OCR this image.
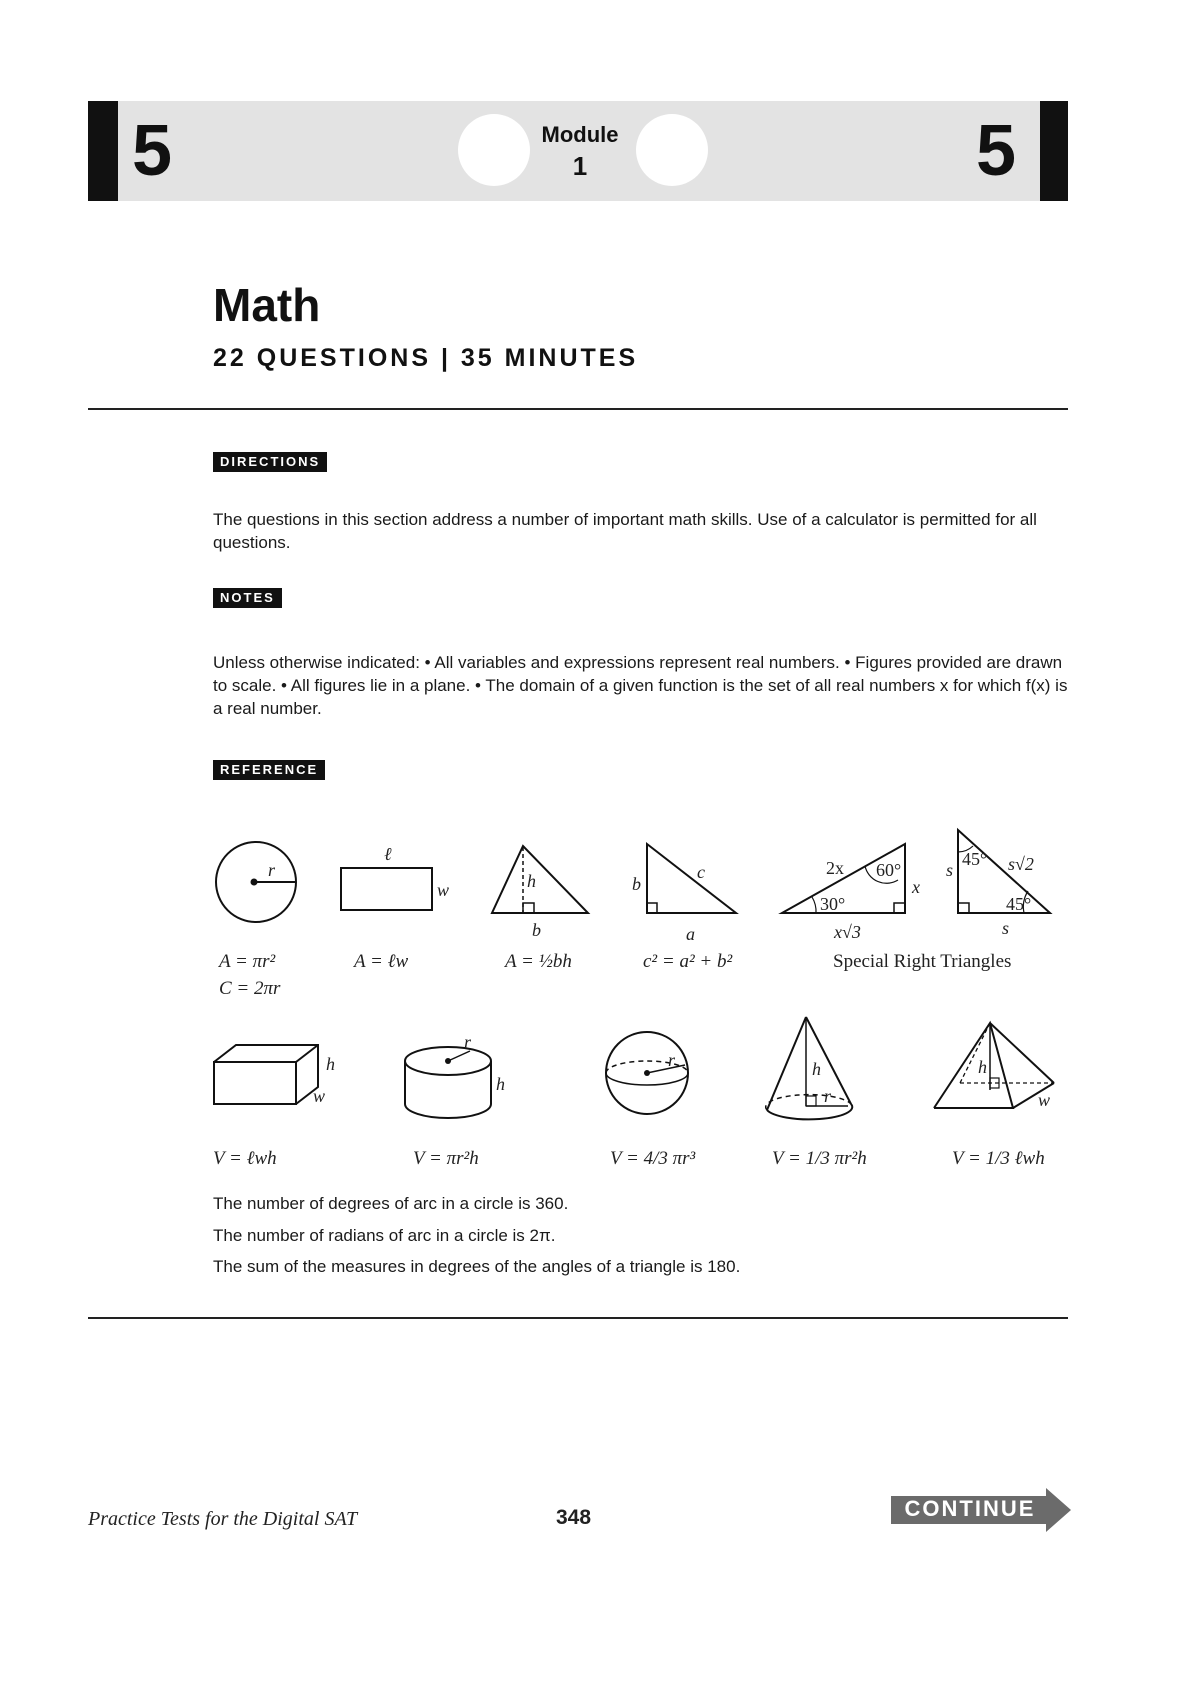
5	5
Module
1
Math
22 QUESTIONS | 35 MINUTES
DIRECTIONS
The questions in this section address a number of important math skills. Use of a calculator is permitted for all questions.
NOTES
Unless otherwise indicated: • All variables and expressions represent real numbers. • Figures provided are drawn to scale. • All figures lie in a plane. • The domain of a given function is the set of all real numbers x for which f(x) is a real number.
REFERENCE
r
ℓ
w	h
b
b
c
a
2x 60°
30°
x
x√3
s	s√2
45°
45°
s
h
w
r
h
r	h
r
h
w
A = πr²
C = 2πr
A = ℓw	A = ½bh	c² = a² + b²	Special Right Triangles
V = ℓwh	V = πr²h	V = 4/3 πr³	V = 1/3 πr²h	V = 1/3 ℓwh
The number of degrees of arc in a circle is 360.
The number of radians of arc in a circle is 2π.
The sum of the measures in degrees of the angles of a triangle is 180.
Practice Tests for the Digital SAT	348	CONTINUE
